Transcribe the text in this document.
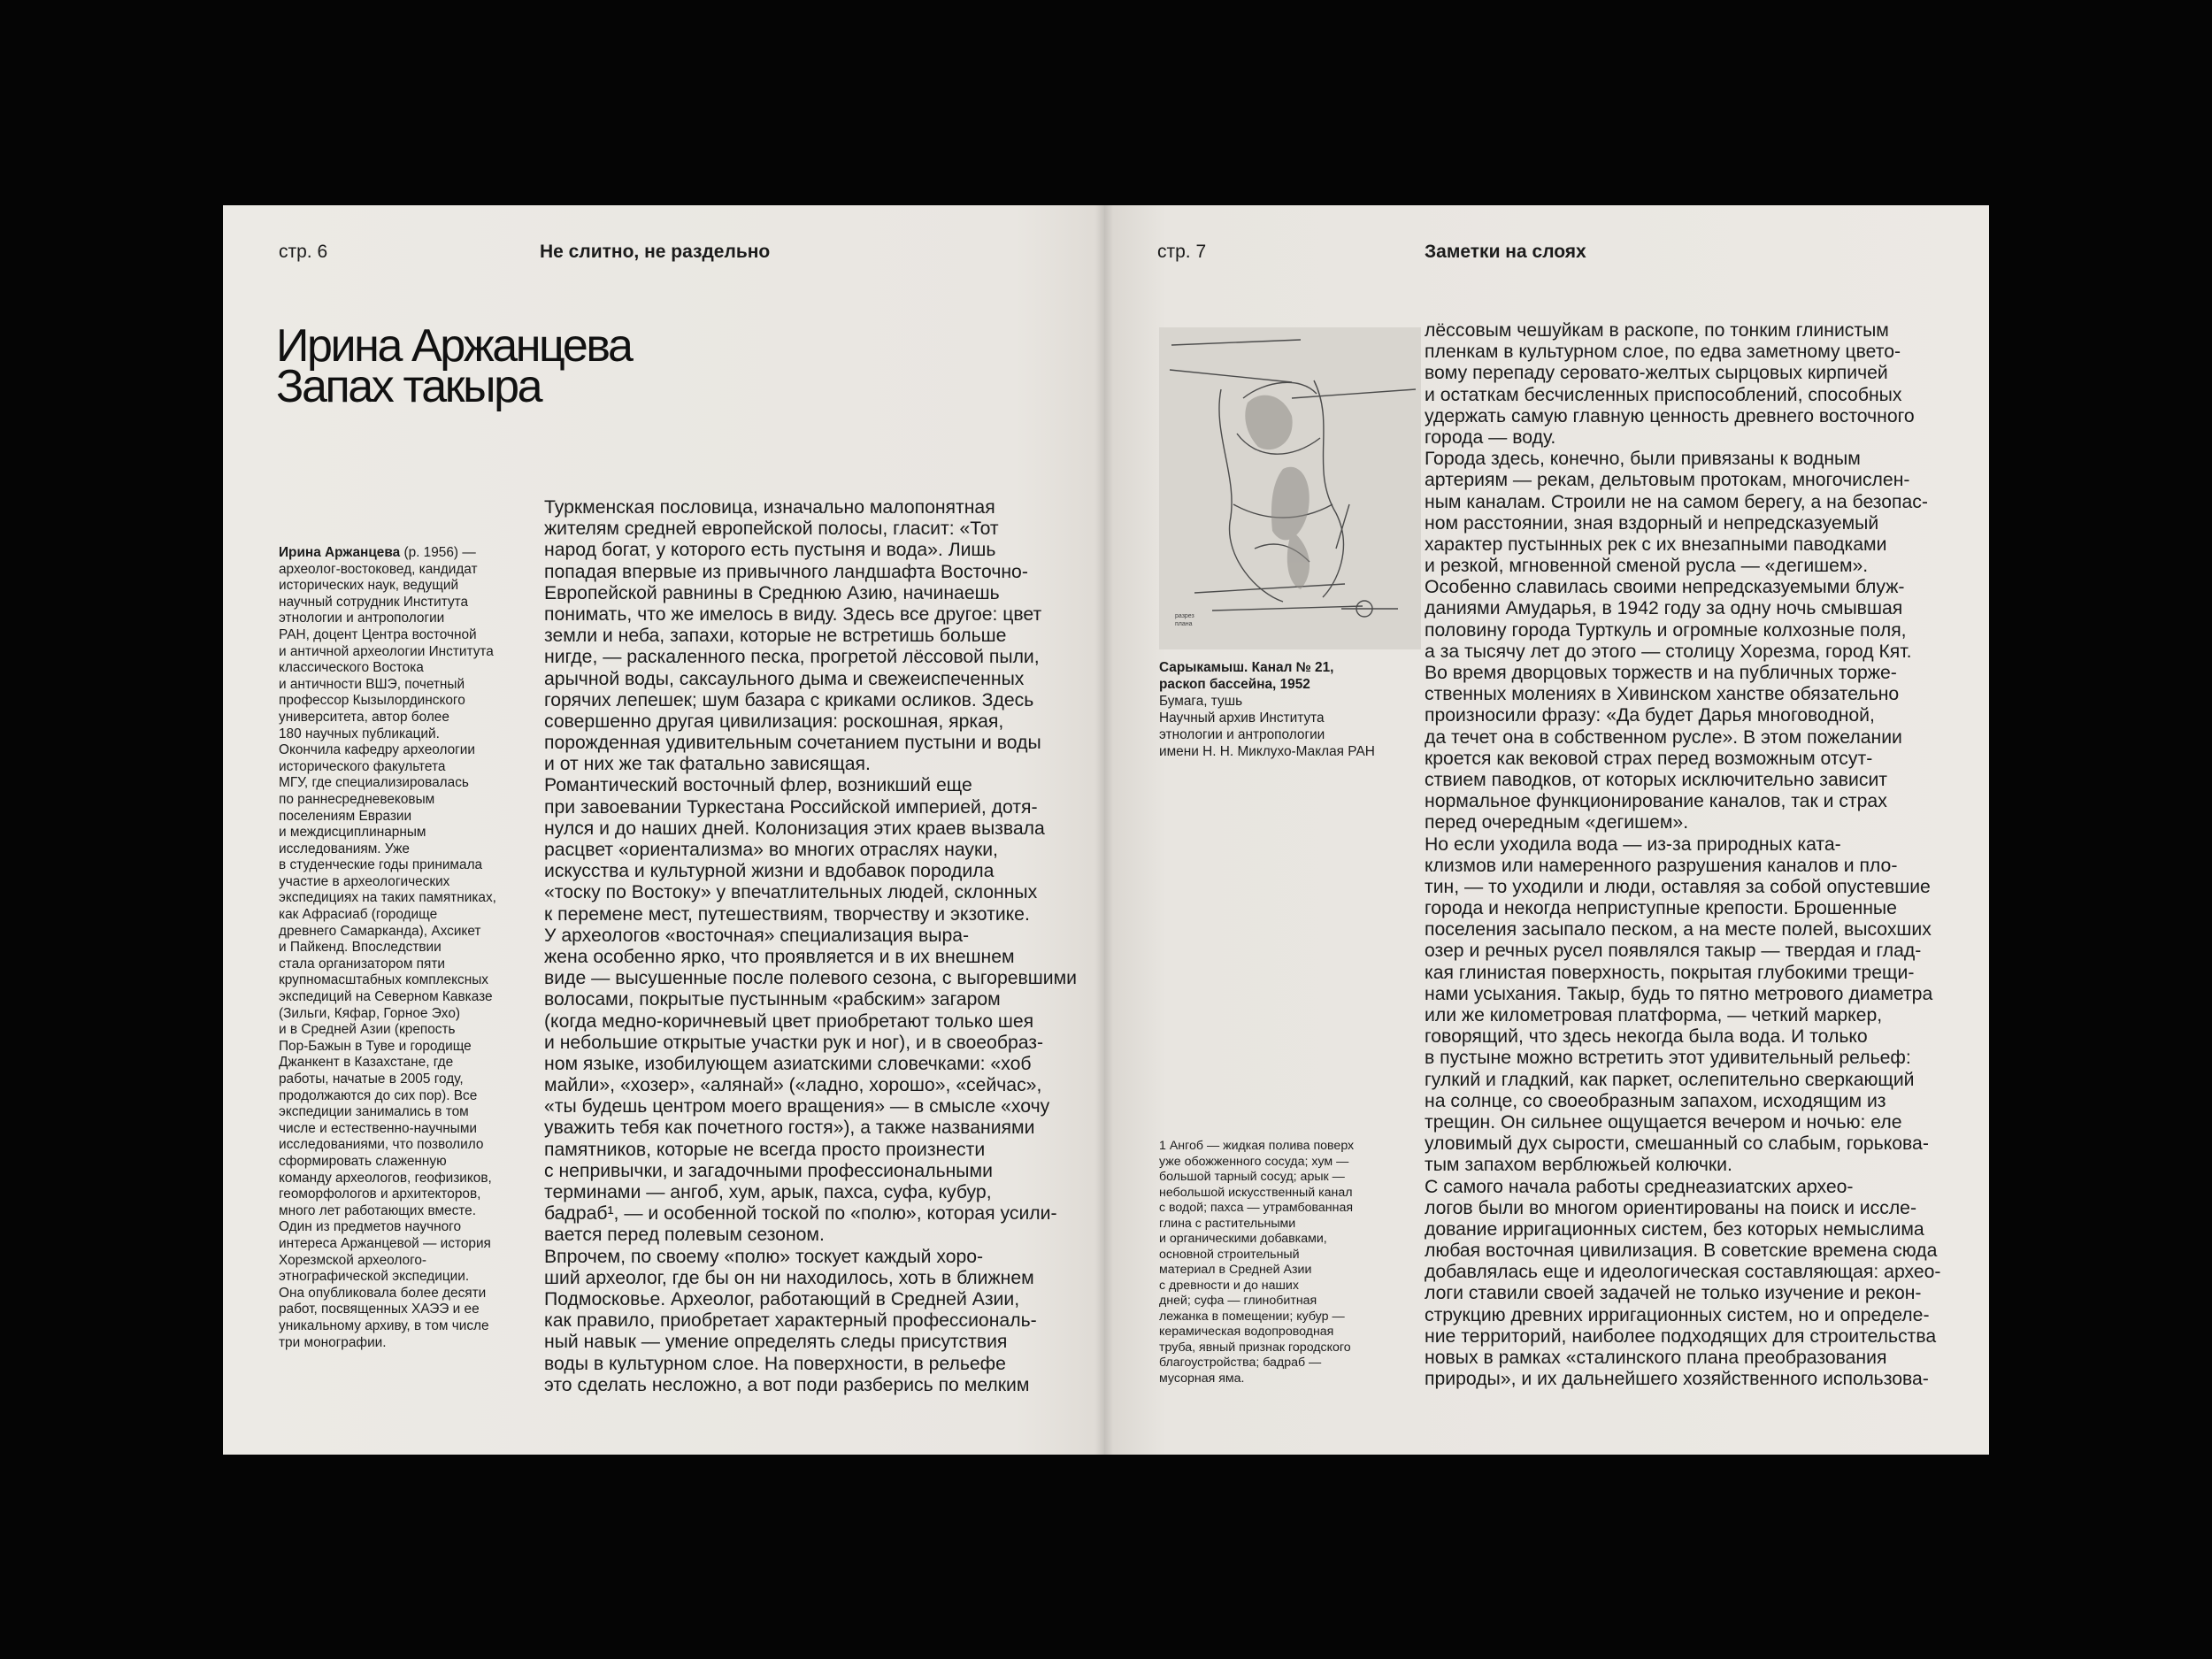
стр. 6	Не слитно, не раздельно
Ирина Аржанцева
Запах такыра
Ирина Аржанцева (р. 1956) —
археолог-востоковед, кандидат
исторических наук, ведущий
научный сотрудник Института
этнологии и антропологии
РАН, доцент Центра восточной
и античной археологии Института
классического Востока
и античности ВШЭ, почетный
профессор Кызылординского
университета, автор более
180 научных публикаций.
Окончила кафедру археологии
исторического факультета
МГУ, где специализировалась
по раннесредневековым
поселениям Евразии
и междисциплинарным
исследованиям. Уже
в студенческие годы принимала
участие в археологических
экспедициях на таких памятниках,
как Афрасиаб (городище
древнего Самарканда), Ахсикет
и Пайкенд. Впоследствии
стала организатором пяти
крупномасштабных комплексных
экспедиций на Северном Кавказе
(Зильги, Кяфар, Горное Эхо)
и в Средней Азии (крепость
Пор-Бажын в Туве и городище
Джанкент в Казахстане, где
работы, начатые в 2005 году,
продолжаются до сих пор). Все
экспедиции занимались в том
числе и естественно-научными
исследованиями, что позволило
сформировать слаженную
команду археологов, геофизиков,
геоморфологов и архитекторов,
много лет работающих вместе.
Один из предметов научного
интереса Аржанцевой — история
Хорезмской археолого-
этнографической экспедиции.
Она опубликовала более десяти
работ, посвященных ХАЭЭ и ее
уникальному архиву, в том числе
три монографии.
Туркменская пословица, изначально малопонятная
жителям средней европейской полосы, гласит: «Тот
народ богат, у которого есть пустыня и вода». Лишь
попадая впервые из привычного ландшафта Восточно-
Европейской равнины в Среднюю Азию, начинаешь
понимать, что же имелось в виду. Здесь все другое: цвет
земли и неба, запахи, которые не встретишь больше
нигде, — раскаленного песка, прогретой лёссовой пыли,
арычной воды, саксаульного дыма и свежеиспеченных
горячих лепешек; шум базара с криками осликов. Здесь
совершенно другая цивилизация: роскошная, яркая,
порожденная удивительным сочетанием пустыни и воды
и от них же так фатально зависящая.
Романтический восточный флер, возникший еще
при завоевании Туркестана Российской империей, дотя-
нулся и до наших дней. Колонизация этих краев вызвала
расцвет «ориентализма» во многих отраслях науки,
искусства и культурной жизни и вдобавок породила
«тоску по Востоку» у впечатлительных людей, склонных
к перемене мест, путешествиям, творчеству и экзотике.
У археологов «восточная» специализация выра-
жена особенно ярко, что проявляется и в их внешнем
виде — высушенные после полевого сезона, с выгоревшими
волосами, покрытые пустынным «рабским» загаром
(когда медно-коричневый цвет приобретают только шея
и небольшие открытые участки рук и ног), и в своеобраз-
ном языке, изобилующем азиатскими словечками: «хоб
майли», «хозер», «алянай» («ладно, хорошо», «сейчас»,
«ты будешь центром моего вращения» — в смысле «хочу
уважить тебя как почетного гостя»), а также названиями
памятников, которые не всегда просто произнести
с непривычки, и загадочными профессиональными
терминами — ангоб, хум, арык, пахса, суфа, кубур,
бадраб¹, — и особенной тоской по «полю», которая усили-
вается перед полевым сезоном.
Впрочем, по своему «полю» тоскует каждый хоро-
ший археолог, где бы он ни находилось, хоть в ближнем
Подмосковье. Археолог, работающий в Средней Азии,
как правило, приобретает характерный профессиональ-
ный навык — умение определять следы присутствия
воды в культурном слое. На поверхности, в рельефе
это сделать несложно, а вот поди разберись по мелким
стр. 7	Заметки на слоях
разрез
плана
Сарыкамыш. Канал № 21,
раскоп бассейна, 1952
Бумага, тушь
Научный архив Института
этнологии и антропологии
имени Н. Н. Миклухо-Маклая РАН
1 Ангоб — жидкая полива поверх
уже обожженного сосуда; хум —
большой тарный сосуд; арык —
небольшой искусственный канал
с водой; пахса — утрамбованная
глина с растительными
и органическими добавками,
основной строительный
материал в Средней Азии
с древности и до наших
дней; суфа — глинобитная
лежанка в помещении; кубур —
керамическая водопроводная
труба, явный признак городского
благоустройства; бадраб —
мусорная яма.
лёссовым чешуйкам в раскопе, по тонким глинистым
пленкам в культурном слое, по едва заметному цвето-
вому перепаду серовато-желтых сырцовых кирпичей
и остаткам бесчисленных приспособлений, способных
удержать самую главную ценность древнего восточного
города — воду.
Города здесь, конечно, были привязаны к водным
артериям — рекам, дельтовым протокам, многочислен-
ным каналам. Строили не на самом берегу, а на безопас-
ном расстоянии, зная вздорный и непредсказуемый
характер пустынных рек с их внезапными паводками
и резкой, мгновенной сменой русла — «дегишем».
Особенно славилась своими непредсказуемыми блуж-
даниями Амударья, в 1942 году за одну ночь смывшая
половину города Турткуль и огромные колхозные поля,
а за тысячу лет до этого — столицу Хорезма, город Кят.
Во время дворцовых торжеств и на публичных торже-
ственных молениях в Хивинском ханстве обязательно
произносили фразу: «Да будет Дарья многоводной,
да течет она в собственном русле». В этом пожелании
кроется как вековой страх перед возможным отсут-
ствием паводков, от которых исключительно зависит
нормальное функционирование каналов, так и страх
перед очередным «дегишем».
Но если уходила вода — из-за природных ката-
клизмов или намеренного разрушения каналов и пло-
тин, — то уходили и люди, оставляя за собой опустевшие
города и некогда неприступные крепости. Брошенные
поселения засыпало песком, а на месте полей, высохших
озер и речных русел появлялся такыр — твердая и глад-
кая глинистая поверхность, покрытая глубокими трещи-
нами усыхания. Такыр, будь то пятно метрового диаметра
или же километровая платформа, — четкий маркер,
говорящий, что здесь некогда была вода. И только
в пустыне можно встретить этот удивительный рельеф:
гулкий и гладкий, как паркет, ослепительно сверкающий
на солнце, со своеобразным запахом, исходящим из
трещин. Он сильнее ощущается вечером и ночью: еле
уловимый дух сырости, смешанный со слабым, горькова-
тым запахом верблюжьей колючки.
С самого начала работы среднеазиатских архео-
логов были во многом ориентированы на поиск и иссле-
дование ирригационных систем, без которых немыслима
любая восточная цивилизация. В советские времена сюда
добавлялась еще и идеологическая составляющая: архео-
логи ставили своей задачей не только изучение и рекон-
струкцию древних ирригационных систем, но и определе-
ние территорий, наиболее подходящих для строительства
новых в рамках «сталинского плана преобразования
природы», и их дальнейшего хозяйственного использова-
